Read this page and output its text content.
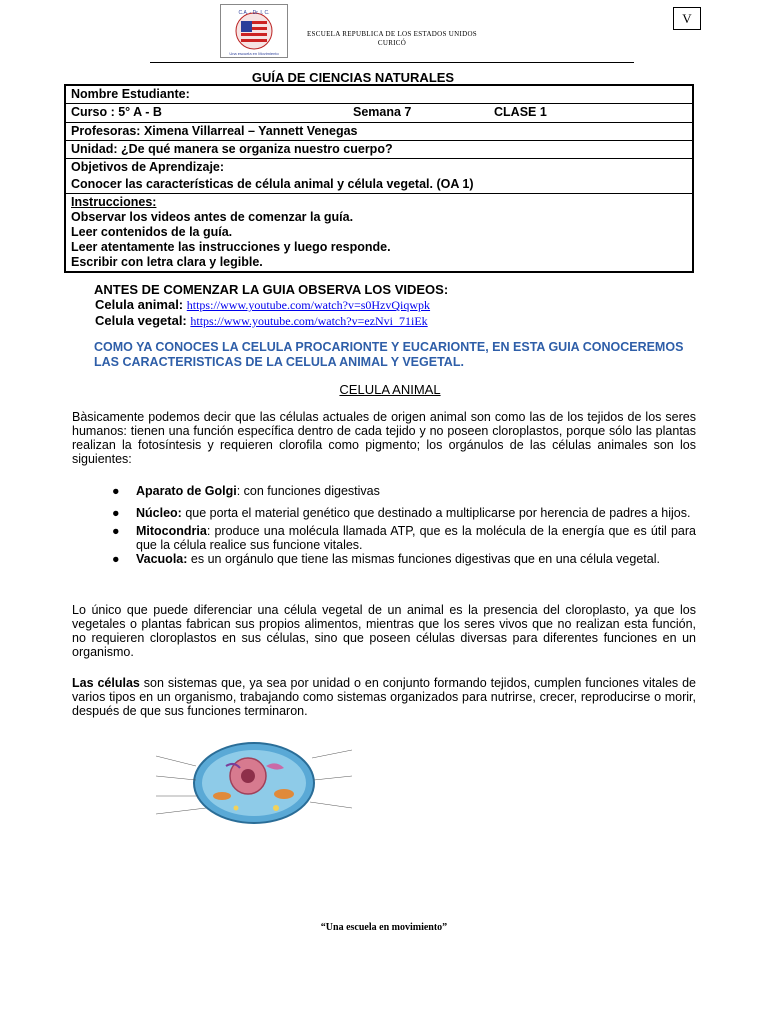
C.A. - Dr. I. C.
Una escuela en Movimiento
ESCUELA REPUBLICA DE LOS ESTADOS UNIDOS
CURICÓ
V
GUÍA DE CIENCIAS NATURALES
Nombre Estudiante:
Curso : 5° A - B	Semana 7	CLASE 1
Profesoras: Ximena Villarreal – Yannett Venegas
Unidad: ¿De qué manera se organiza nuestro cuerpo?
Objetivos de Aprendizaje:
Conocer las características de célula animal y célula vegetal. (OA 1)
Instrucciones:
Observar los videos antes de comenzar la guía.
Leer contenidos de la guía.
Leer atentamente las instrucciones y luego responde.
Escribir con letra clara y legible.
ANTES DE COMENZAR LA GUIA OBSERVA LOS VIDEOS:
Celula animal: https://www.youtube.com/watch?v=s0HzvQiqwpk
Celula vegetal: https://www.youtube.com/watch?v=ezNvi_71iEk
COMO YA CONOCES LA CELULA PROCARIONTE Y EUCARIONTE, EN ESTA GUIA CONOCEREMOS LAS CARACTERISTICAS DE LA CELULA ANIMAL Y VEGETAL.
CELULA ANIMAL
Bàsicamente podemos decir que las células actuales de origen animal son como las de los tejidos de los seres humanos: tienen una función específica dentro de cada tejido y no poseen cloroplastos, porque sólo las plantas realizan la fotosíntesis y requieren clorofila como pigmento; los orgánulos de las células animales son los siguientes:
● Aparato de Golgi: con funciones digestivas
● Núcleo: que porta el material genético que destinado a multiplicarse por herencia de padres a hijos.
● Mitocondria: produce una molécula llamada ATP, que es la molécula de la energía que es útil para que la célula realice sus funcione vitales.
● Vacuola: es un orgánulo que tiene las mismas funciones digestivas que en una célula vegetal.
Lo único que puede diferenciar una célula vegetal de un animal es la presencia del cloroplasto, ya que los vegetales o plantas fabrican sus propios alimentos, mientras que los seres vivos que no realizan esta función, no requieren cloroplastos en sus células, sino que poseen células diversas para diferentes funciones en un organismo.
Las células son sistemas que, ya sea por unidad o en conjunto formando tejidos, cumplen funciones vitales de varios tipos en un organismo, trabajando como sistemas organizados para nutrirse, crecer, reproducirse o morir, después de que sus funciones terminaron.
“Una escuela en movimiento”
